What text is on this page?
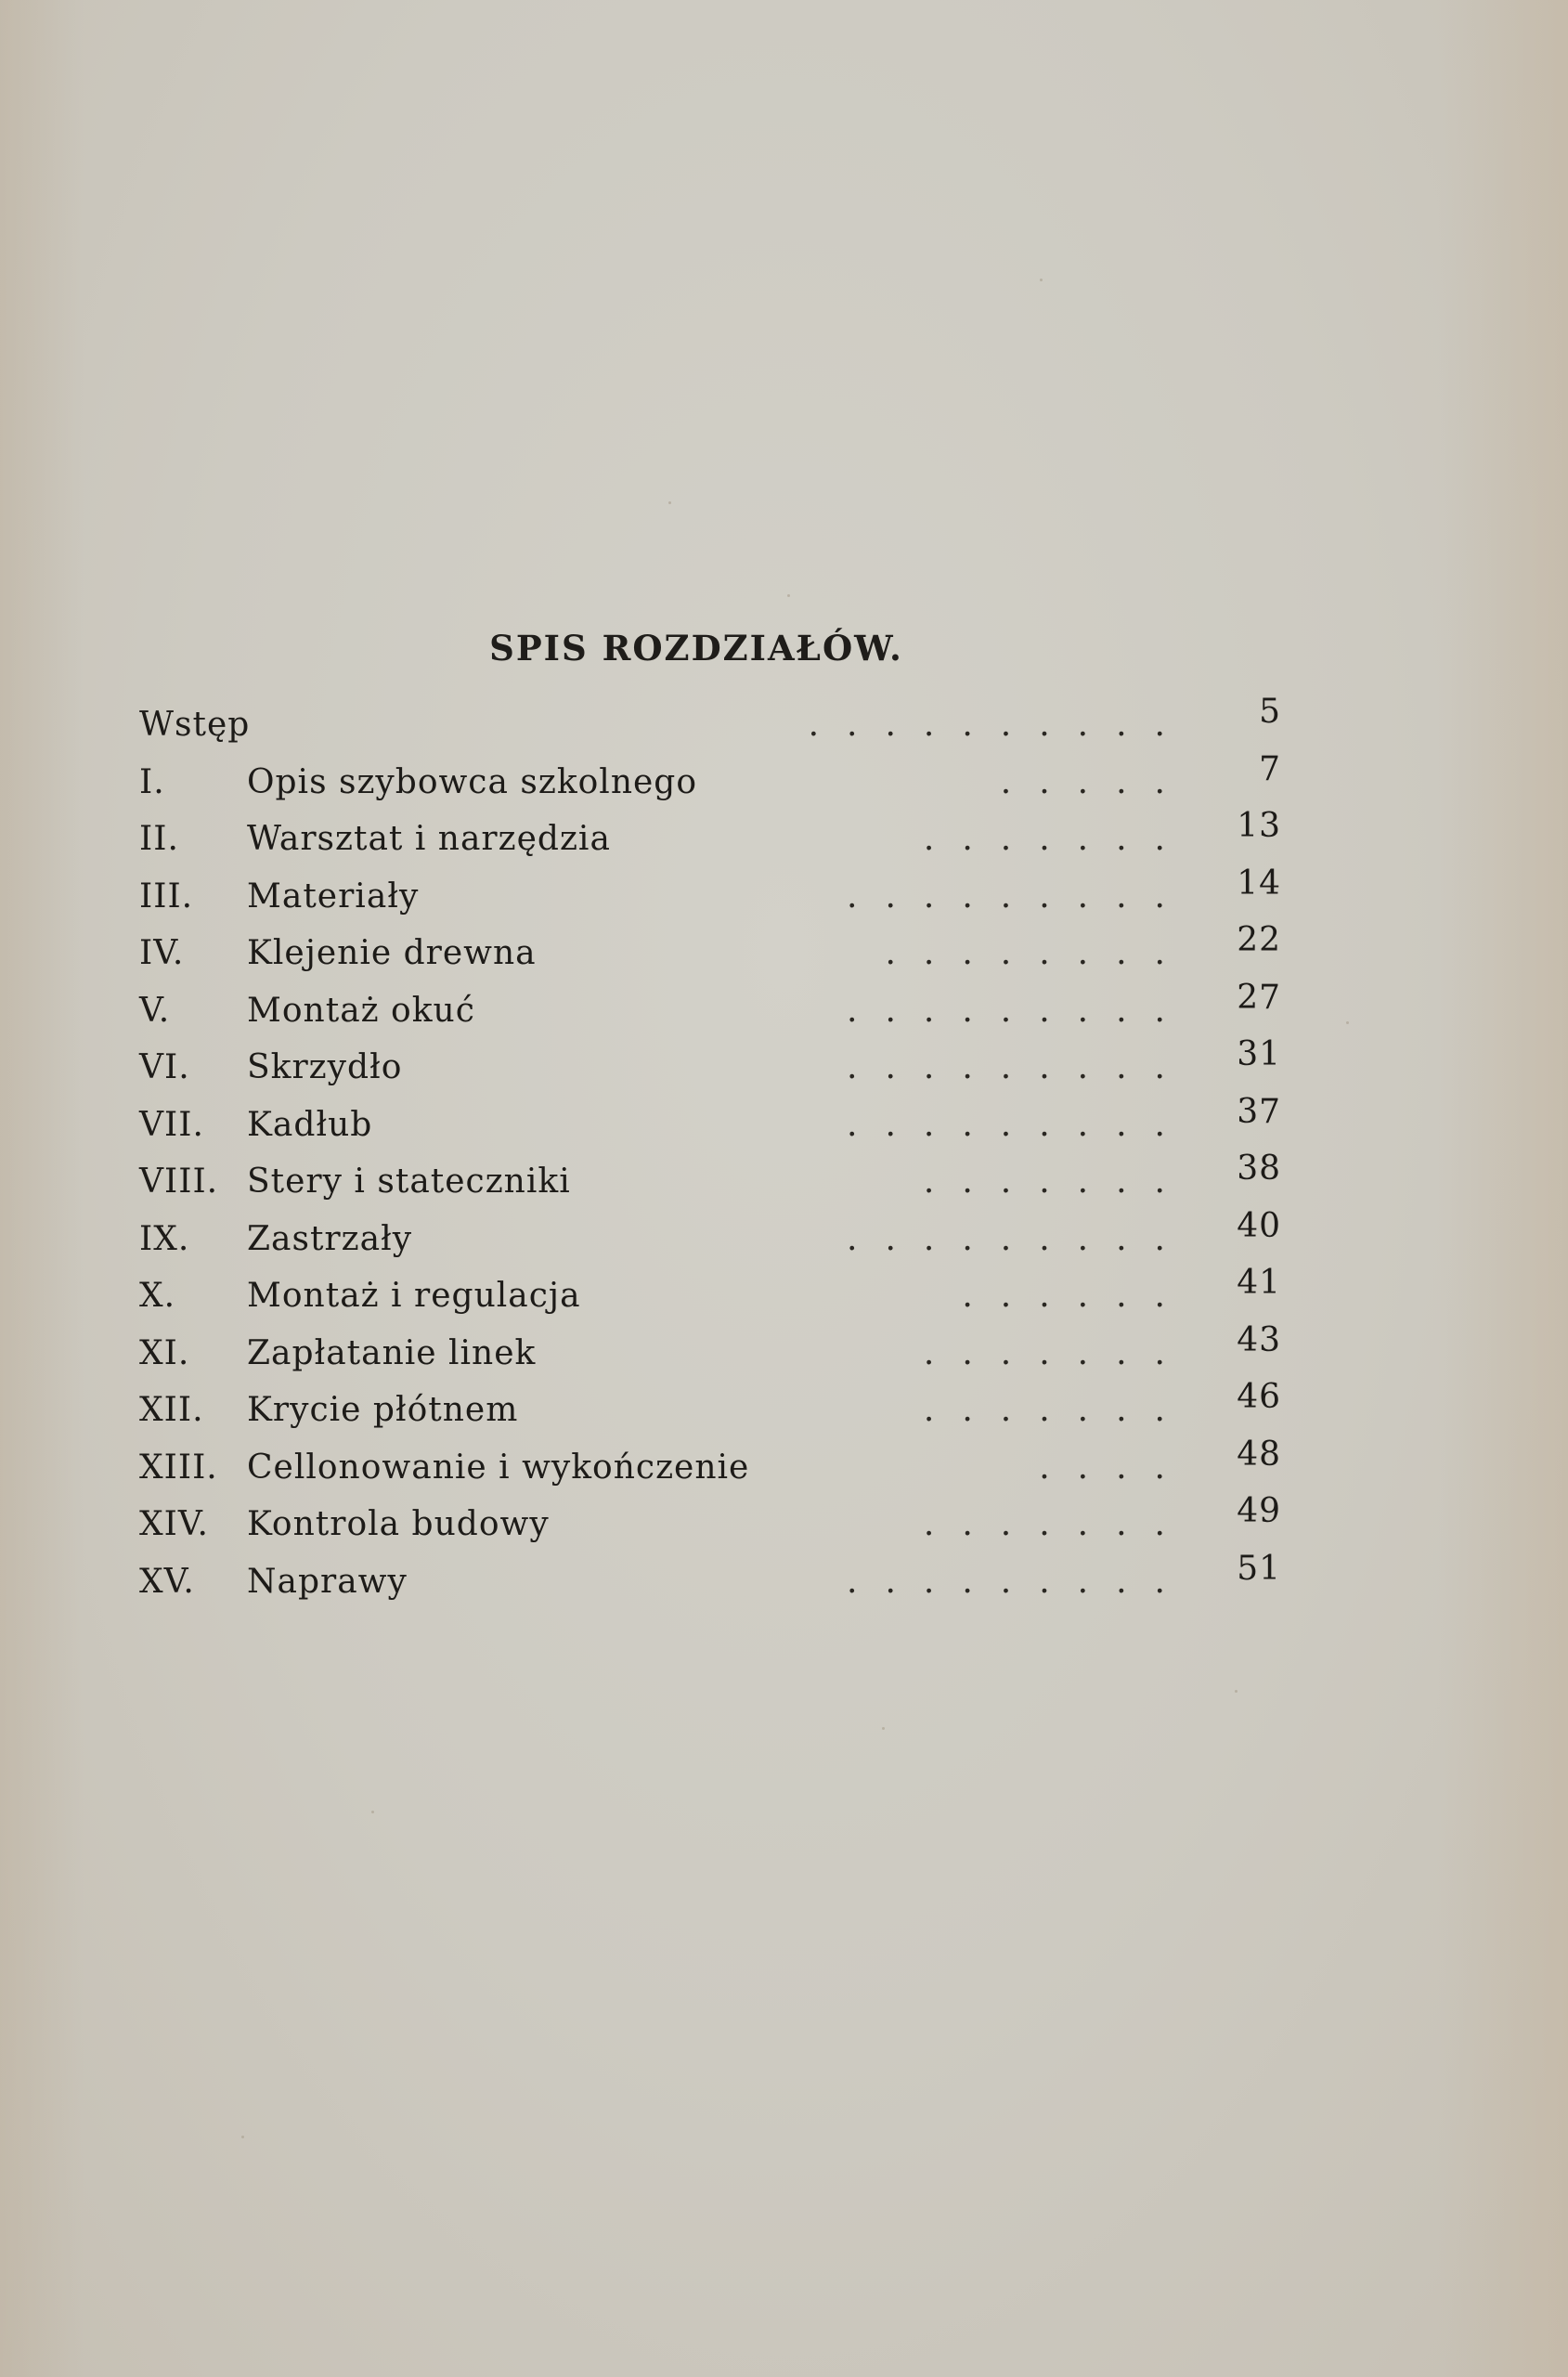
SPIS ROZDZIAŁÓW.
Wstęp	..........	5
I. Opis szybowca szkolnego	.....	7
II. Warsztat i narzędzia	.......	13
III. Materiały	.........	14
IV. Klejenie drewna	........	22
V. Montaż okuć	.........	27
VI. Skrzydło	.........	31
VII. Kadłub	.........	37
VIII. Stery i stateczniki	.......	38
IX. Zastrzały	.........	40
X. Montaż i regulacja	......	41
XI. Zapłatanie linek	.......	43
XII. Krycie płótnem	.......	46
XIII. Cellonowanie i wykończenie	....	48
XIV. Kontrola budowy	.......	49
XV. Naprawy	.........	51
